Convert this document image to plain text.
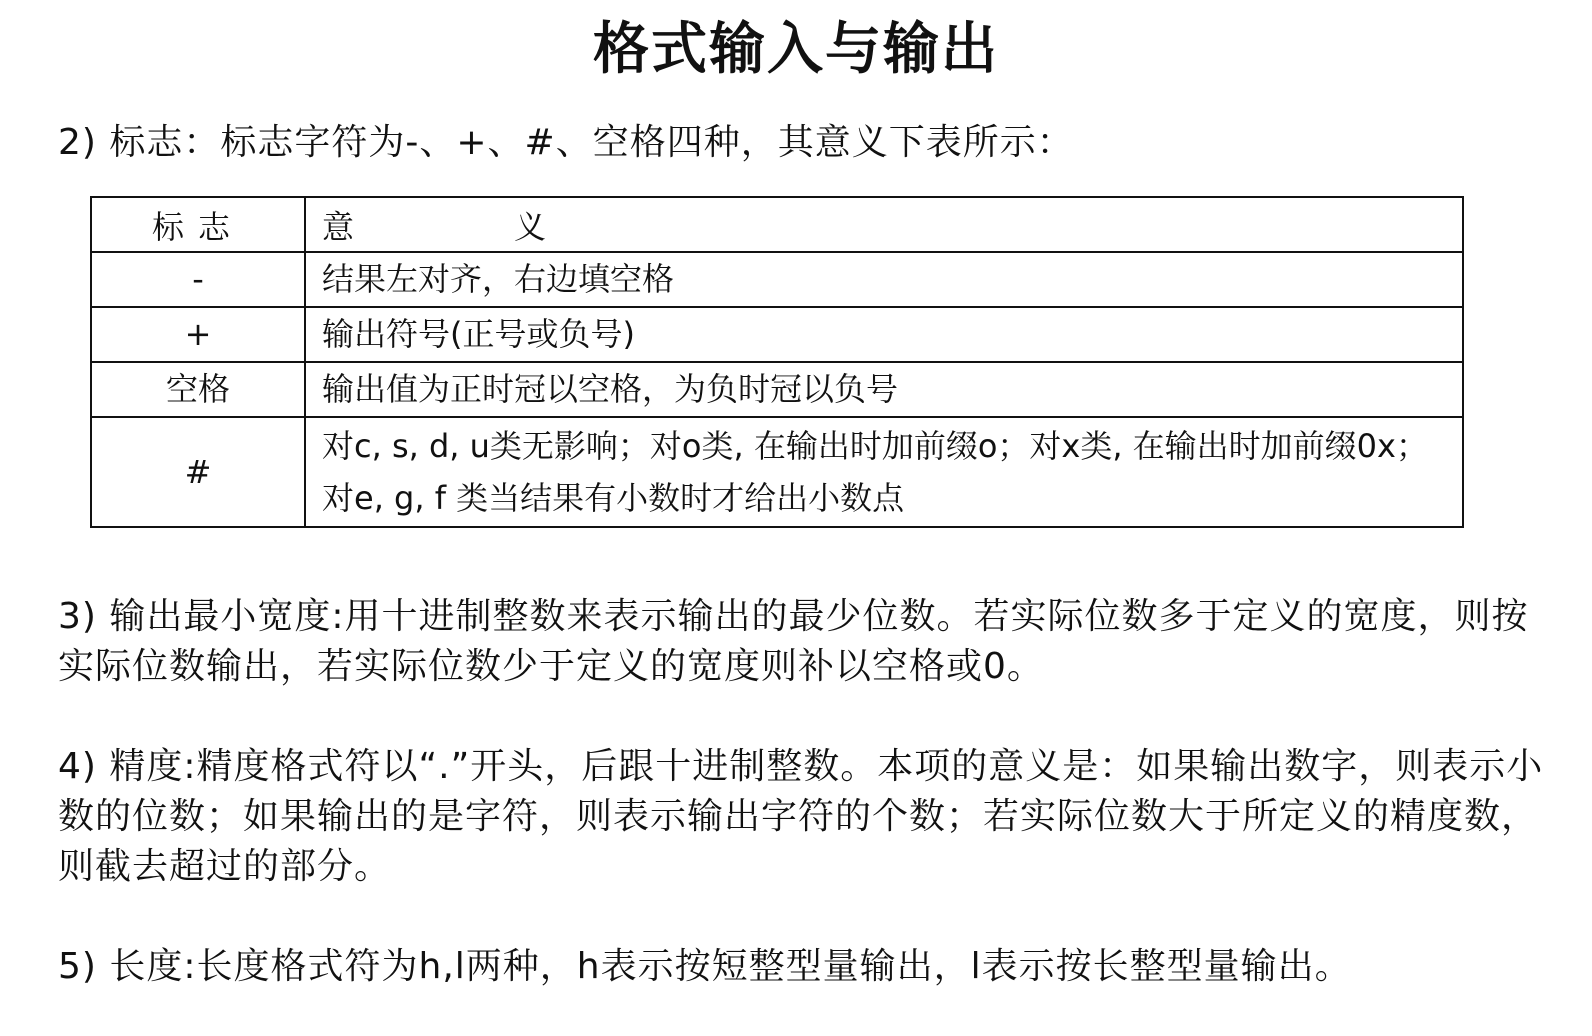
格式输入与输出
2) 标志：标志字符为-、+、#、空格四种，其意义下表所示：
标志	意 义
-	结果左对齐，右边填空格
+	输出符号(正号或负号)
空格	输出值为正时冠以空格，为负时冠以负号
#	对c, s, d, u类无影响；对o类, 在输出时加前缀o；对x类, 在输出时加前缀0x；对e, g, f 类当结果有小数时才给出小数点
3) 输出最小宽度:用十进制整数来表示输出的最少位数。若实际位数多于定义的宽度，则按实际位数输出，若实际位数少于定义的宽度则补以空格或0。
4) 精度:精度格式符以“.”开头，后跟十进制整数。本项的意义是：如果输出数字，则表示小数的位数；如果输出的是字符，则表示输出字符的个数；若实际位数大于所定义的精度数，则截去超过的部分。
5) 长度:长度格式符为h,l两种，h表示按短整型量输出，l表示按长整型量输出。
